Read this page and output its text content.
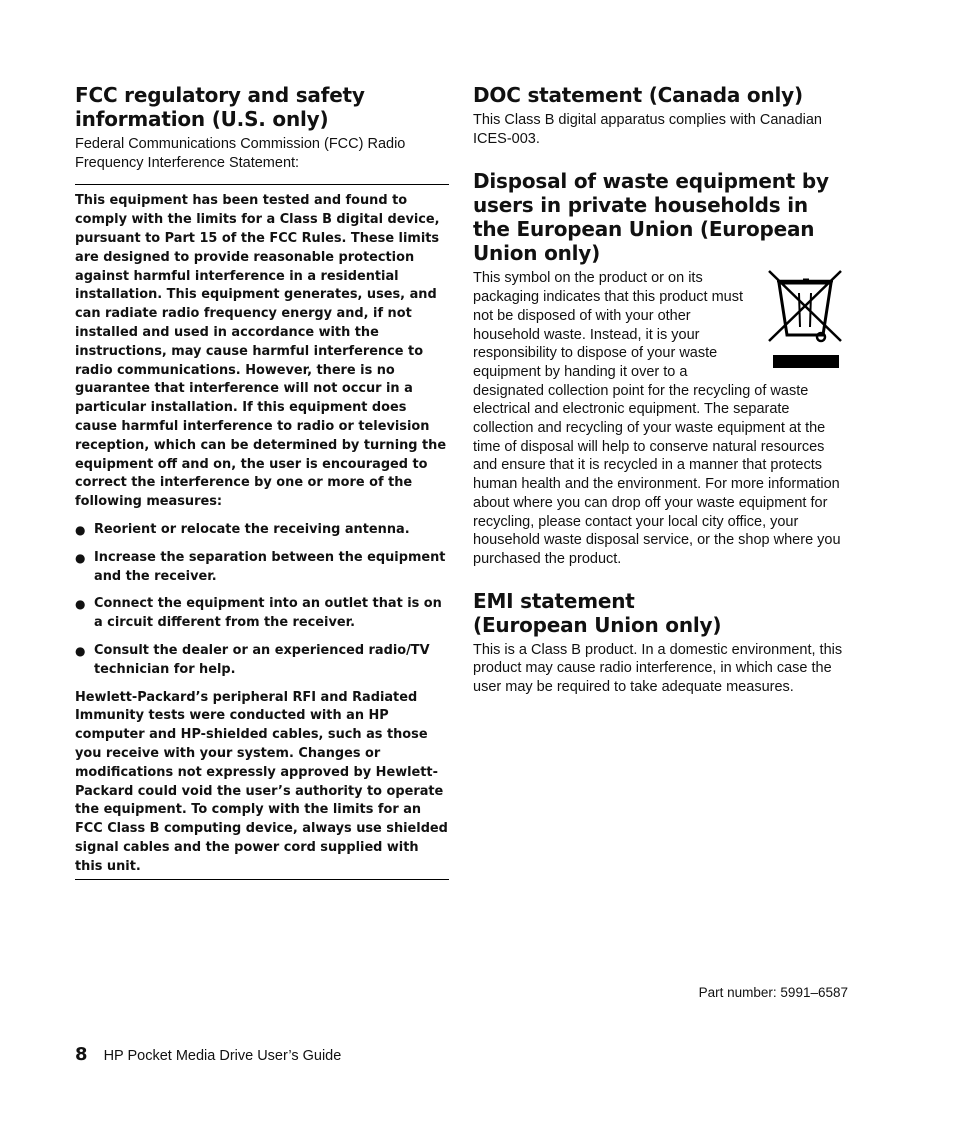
FCC regulatory and safety information (U.S. only)

Federal Communications Commission (FCC) Radio Frequency Interference Statement:

This equipment has been tested and found to comply with the limits for a Class B digital device, pursuant to Part 15 of the FCC Rules. These limits are designed to provide reasonable protection against harmful interference in a residential installation. This equipment generates, uses, and can radiate radio frequency energy and, if not installed and used in accordance with the instructions, may cause harmful interference to radio communications. However, there is no guarantee that interference will not occur in a particular installation. If this equipment does cause harmful interference to radio or television reception, which can be determined by turning the equipment off and on, the user is encouraged to correct the interference by one or more of the following measures:

● Reorient or relocate the receiving antenna.
● Increase the separation between the equipment and the receiver.
● Connect the equipment into an outlet that is on a circuit different from the receiver.
● Consult the dealer or an experienced radio/TV technician for help.

Hewlett-Packard’s peripheral RFI and Radiated Immunity tests were conducted with an HP computer and HP-shielded cables, such as those you receive with your system. Changes or modifications not expressly approved by Hewlett-Packard could void the user’s authority to operate the equipment. To comply with the limits for an FCC Class B computing device, always use shielded signal cables and the power cord supplied with this unit.

DOC statement (Canada only)

This Class B digital apparatus complies with Canadian ICES-003.

Disposal of waste equipment by users in private households in the European Union (European Union only)

This symbol on the product or on its packaging indicates that this product must not be disposed of with your other household waste. Instead, it is your responsibility to dispose of your waste equipment by handing it over to a designated collection point for the recycling of waste electrical and electronic equipment. The separate collection and recycling of your waste equipment at the time of disposal will help to conserve natural resources and ensure that it is recycled in a manner that protects human health and the environment. For more information about where you can drop off your waste equipment for recycling, please contact your local city office, your household waste disposal service, or the shop where you purchased the product.

EMI statement
(European Union only)

This is a Class B product. In a domestic environment, this product may cause radio interference, in which case the user may be required to take adequate measures.

Part number: 5991–6587
8 HP Pocket Media Drive User’s Guide
